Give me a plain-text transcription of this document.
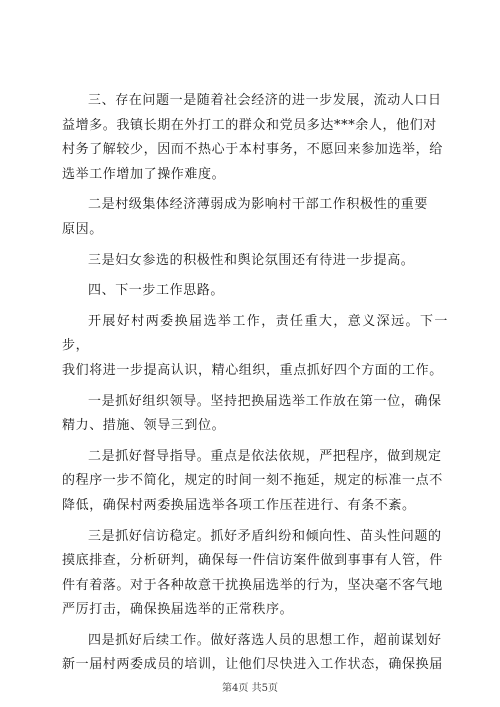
三、存在问题一是随着社会经济的进一步发展，流动人口日
益增多。我镇长期在外打工的群众和党员多达***余人，他们对
村务了解较少，因而不热心于本村事务，不愿回来参加选举，给
选举工作增加了操作难度。

二是村级集体经济薄弱成为影响村干部工作积极性的重要
原因。

三是妇女参选的积极性和舆论氛围还有待进一步提高。

四、下一步工作思路。

开展好村两委换届选举工作，责任重大，意义深远。下一步，
我们将进一步提高认识，精心组织，重点抓好四个方面的工作。

一是抓好组织领导。坚持把换届选举工作放在第一位，确保
精力、措施、领导三到位。

二是抓好督导指导。重点是依法依规，严把程序，做到规定
的程序一步不简化，规定的时间一刻不拖延，规定的标准一点不
降低，确保村两委换届选举各项工作压茬进行、有条不紊。

三是抓好信访稳定。抓好矛盾纠纷和倾向性、苗头性问题的
摸底排查，分析研判，确保每一件信访案件做到事事有人管，件
件有着落。对于各种故意干扰换届选举的行为，坚决毫不客气地
严厉打击，确保换届选举的正常秩序。

四是抓好后续工作。做好落选人员的思想工作，超前谋划好
新一届村两委成员的培训，让他们尽快进入工作状态，确保换届

第4页 共5页
